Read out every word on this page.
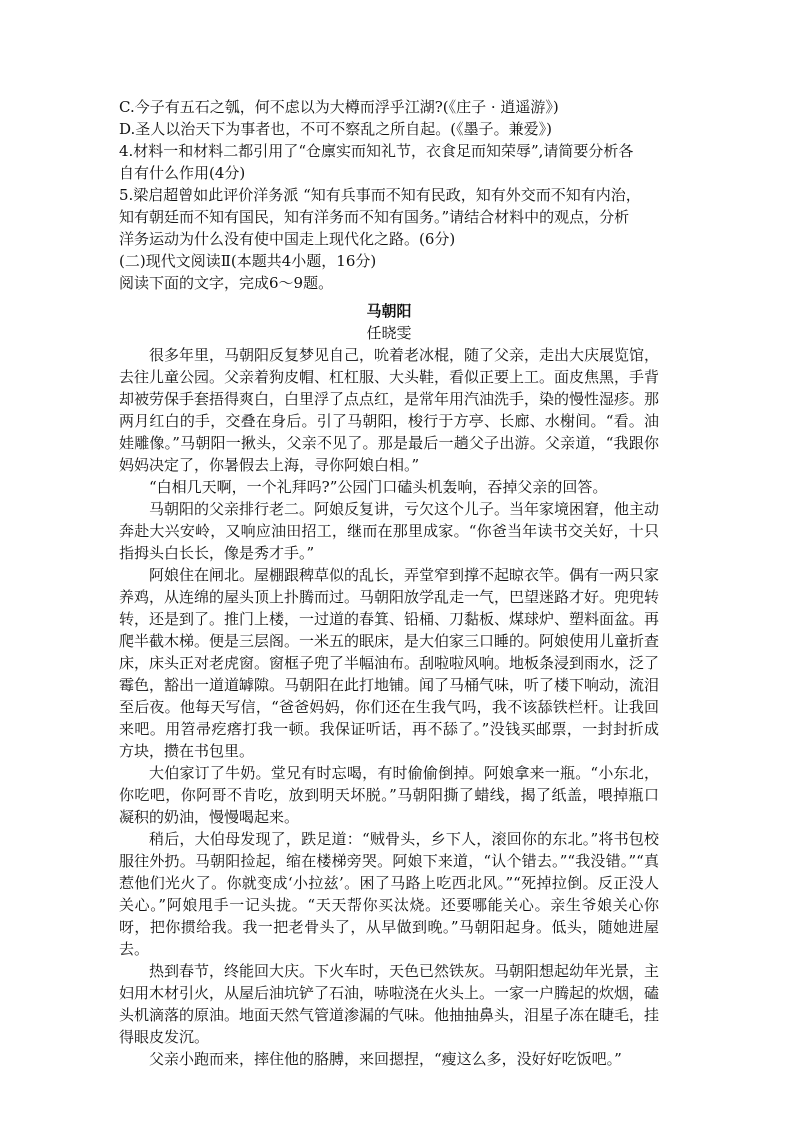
C.今子有五石之瓠，何不虑以为大樽而浮乎江湖?(《庄子 · 逍遥游》)
D.圣人以治天下为事者也，不可不察乱之所自起。(《墨子。兼爱》)
4.材料一和材料二都引用了“仓廪实而知礼节，衣食足而知荣辱”,请简要分析各
自有什么作用(4分)
5.梁启超曾如此评价洋务派 “知有兵事而不知有民政，知有外交而不知有内治，
知有朝廷而不知有国民，知有洋务而不知有国务。”请结合材料中的观点，分析
洋务运动为什么没有使中国走上现代化之路。(6分)
(二)现代文阅读Ⅱ(本题共4小题，16分)
阅读下面的文字，完成6～9题。
马朝阳
任晓雯
很多年里，马朝阳反复梦见自己，吮着老冰棍，随了父亲，走出大庆展览馆，去往儿童公园。父亲着狗皮帽、杠杠服、大头鞋，看似正要上工。面皮焦黑，手背却被劳保手套捂得爽白，白里浮了点点红，是常年用汽油洗手，染的慢性湿疹。那两月红白的手，交叠在身后。引了马朝阳，梭行于方亭、长廊、水榭间。“看。油娃雕像。”马朝阳一揪头，父亲不见了。那是最后一趟父子出游。父亲道，“我跟你妈妈决定了，你暑假去上海，寻你阿娘白相。”
“白相几天啊，一个礼拜吗?”公园门口磕头机轰响，吞掉父亲的回答。
马朝阳的父亲排行老二。阿娘反复讲，亏欠这个儿子。当年家境困窘，他主动奔赴大兴安岭，又响应油田招工，继而在那里成家。“你爸当年读书交关好，十只指拇头白长长，像是秀才手。”
阿娘住在闸北。屋棚跟稗草似的乱长，弄堂窄到撑不起晾衣竿。偶有一两只家养鸡，从连绵的屋头顶上扑腾而过。马朝阳放学乱走一气，巴望迷路才好。兜兜转转，还是到了。推门上楼，一过道的春箕、铅桶、刀黏板、煤球炉、塑料面盆。再爬半截木梯。便是三层阁。一米五的眠床，是大伯家三口睡的。阿娘使用儿童折查床，床头正对老虎窗。窗框子兜了半幅油布。刮啦啦风响。地板条浸到雨水，泛了霉色，豁出一道道罅隙。马朝阳在此打地铺。闻了马桶气味，听了楼下响动，流泪至后夜。他每天写信，“爸爸妈妈，你们还在生我气吗，我不该舔铁栏杆。让我回来吧。用笤帚疙瘩打我一顿。我保证听话，再不舔了。”没钱买邮票，一封封折成方块，攒在书包里。
大伯家订了牛奶。堂兄有时忘喝，有时偷偷倒掉。阿娘拿来一瓶。“小东北，你吃吧，你阿哥不肯吃，放到明天坏脱。”马朝阳撕了蜡线，揭了纸盖，喂掉瓶口凝积的奶油，慢慢喝起来。
稍后，大伯母发现了，跌足道：“贼骨头，乡下人，滚回你的东北。”将书包校服往外扔。马朝阳捡起，缩在楼梯旁哭。阿娘下来道，“认个错去。”“我没错。”“真惹他们光火了。你就变成‘小拉兹’。困了马路上吃西北风。”“死掉拉倒。反正没人关心。”阿娘甩手一记头拢。“天天帮你买汰烧。还要哪能关心。亲生爷娘关心你呀，把你掼给我。我一把老骨头了，从早做到晚。”马朝阳起身。低头，随她进屋去。
热到春节，终能回大庆。下火车时，天色已然铁灰。马朝阳想起幼年光景，主妇用木材引火，从屋后油坑铲了石油，哧啦浇在火头上。一家一户腾起的炊烟，磕头机滴落的原油。地面天然气管道渗漏的气味。他抽抽鼻头，泪星子冻在睫毛，挂得眼皮发沉。
父亲小跑而来，摔住他的胳膊，来回摁捏，“瘦这么多，没好好吃饭吧。”
